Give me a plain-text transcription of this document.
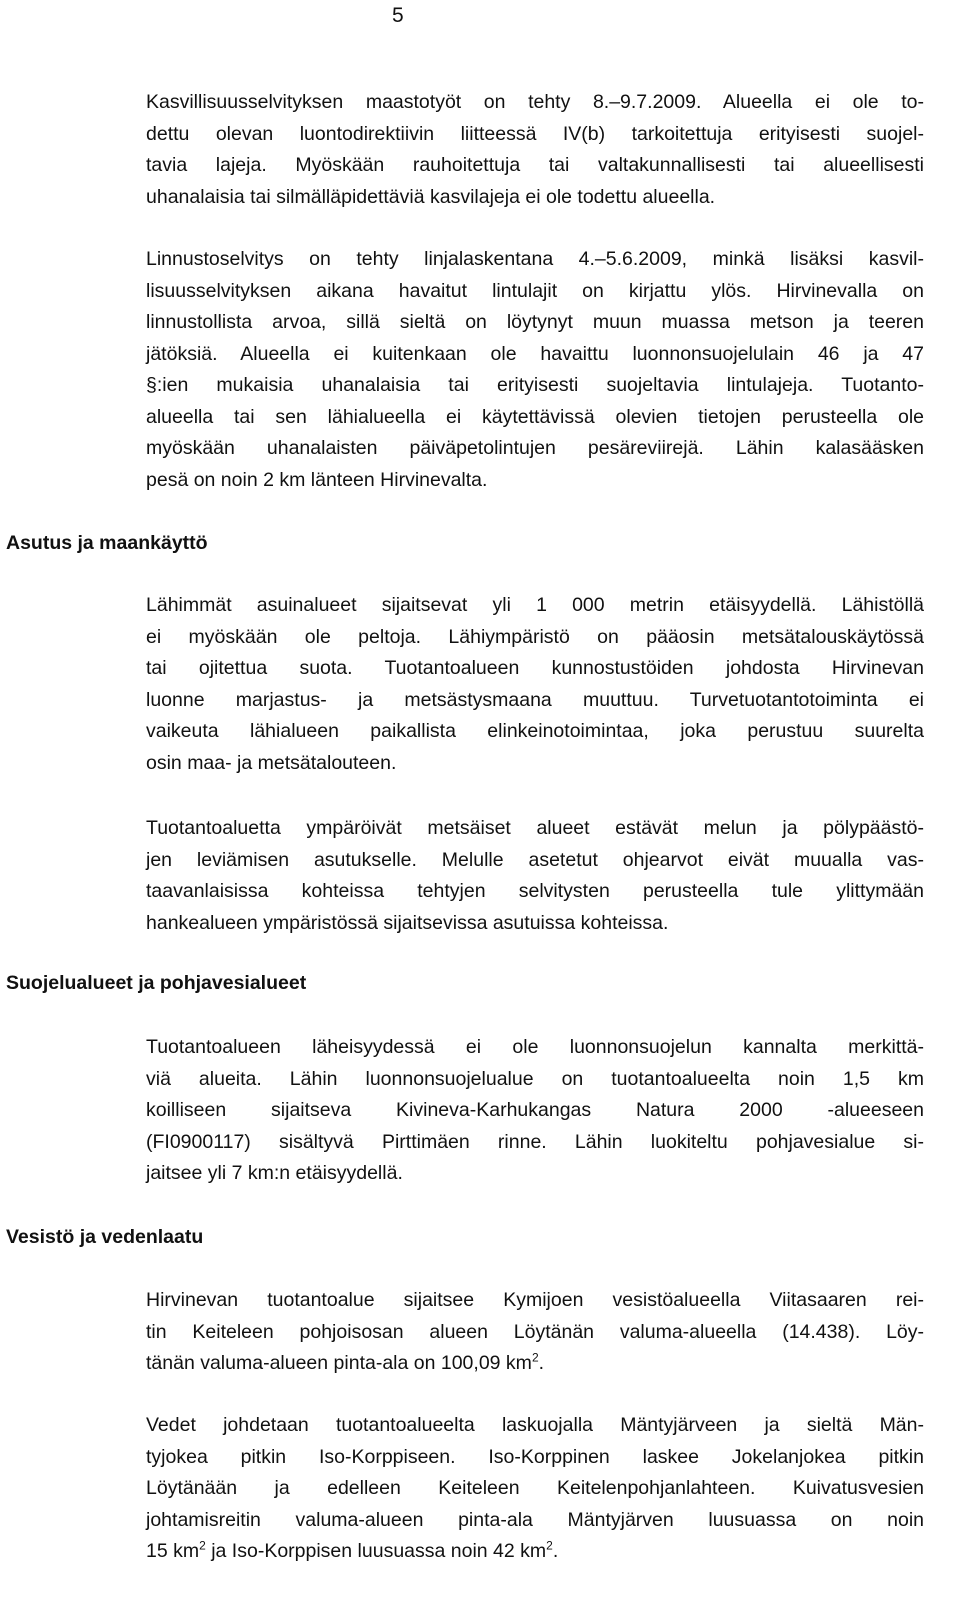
5
Kasvillisuusselvityksen maastotyöt on tehty 8.–9.7.2009. Alueella ei ole to-
dettu olevan luontodirektiivin liitteessä IV(b) tarkoitettuja erityisesti suojel-
tavia lajeja. Myöskään rauhoitettuja tai valtakunnallisesti tai alueellisesti
uhanalaisia tai silmälläpidettäviä kasvilajeja ei ole todettu alueella.
Linnustoselvitys on tehty linjalaskentana 4.–5.6.2009, minkä lisäksi kasvil-
lisuusselvityksen aikana havaitut lintulajit on kirjattu ylös. Hirvinevalla on
linnustollista arvoa, sillä sieltä on löytynyt muun muassa metson ja teeren
jätöksiä. Alueella ei kuitenkaan ole havaittu luonnonsuojelulain 46 ja 47
§:ien mukaisia uhanalaisia tai erityisesti suojeltavia lintulajeja. Tuotanto-
alueella tai sen lähialueella ei käytettävissä olevien tietojen perusteella ole
myöskään uhanalaisten päiväpetolintujen pesäreviirejä. Lähin kalasääsken
pesä on noin 2 km länteen Hirvinevalta.
Asutus ja maankäyttö
Lähimmät asuinalueet sijaitsevat yli 1 000 metrin etäisyydellä. Lähistöllä
ei myöskään ole peltoja. Lähiympäristö on pääosin metsätalouskäytössä
tai ojitettua suota. Tuotantoalueen kunnostustöiden johdosta Hirvinevan
luonne marjastus- ja metsästysmaana muuttuu. Turvetuotantotoiminta ei
vaikeuta lähialueen paikallista elinkeinotoimintaa, joka perustuu suurelta
osin maa- ja metsätalouteen.
Tuotantoaluetta ympäröivät metsäiset alueet estävät melun ja pölypäästö-
jen leviämisen asutukselle. Melulle asetetut ohjearvot eivät muualla vas-
taavanlaisissa kohteissa tehtyjen selvitysten perusteella tule ylittymään
hankealueen ympäristössä sijaitsevissa asutuissa kohteissa.
Suojelualueet ja pohjavesialueet
Tuotantoalueen läheisyydessä ei ole luonnonsuojelun kannalta merkittä-
viä alueita. Lähin luonnonsuojelualue on tuotantoalueelta noin 1,5 km
koilliseen sijaitseva Kivineva-Karhukangas Natura 2000 -alueeseen
(FI0900117) sisältyvä Pirttimäen rinne. Lähin luokiteltu pohjavesialue si-
jaitsee yli 7 km:n etäisyydellä.
Vesistö ja vedenlaatu
Hirvinevan tuotantoalue sijaitsee Kymijoen vesistöalueella Viitasaaren rei-
tin Keiteleen pohjoisosan alueen Löytänän valuma-alueella (14.438). Löy-
tänän valuma-alueen pinta-ala on 100,09 $km^2$.
Vedet johdetaan tuotantoalueelta laskuojalla Mäntyjärveen ja sieltä Män-
tyjokea pitkin Iso-Korppiseen. Iso-Korppinen laskee Jokelanjokea pitkin
Löytänään ja edelleen Keiteleen Keitelenpohjanlahteen. Kuivatusvesien
johtamisreitin valuma-alueen pinta-ala Mäntyjärven luusuassa on noin
15 $km^2$ ja Iso-Korppisen luusuassa noin 42 $km^2$.
